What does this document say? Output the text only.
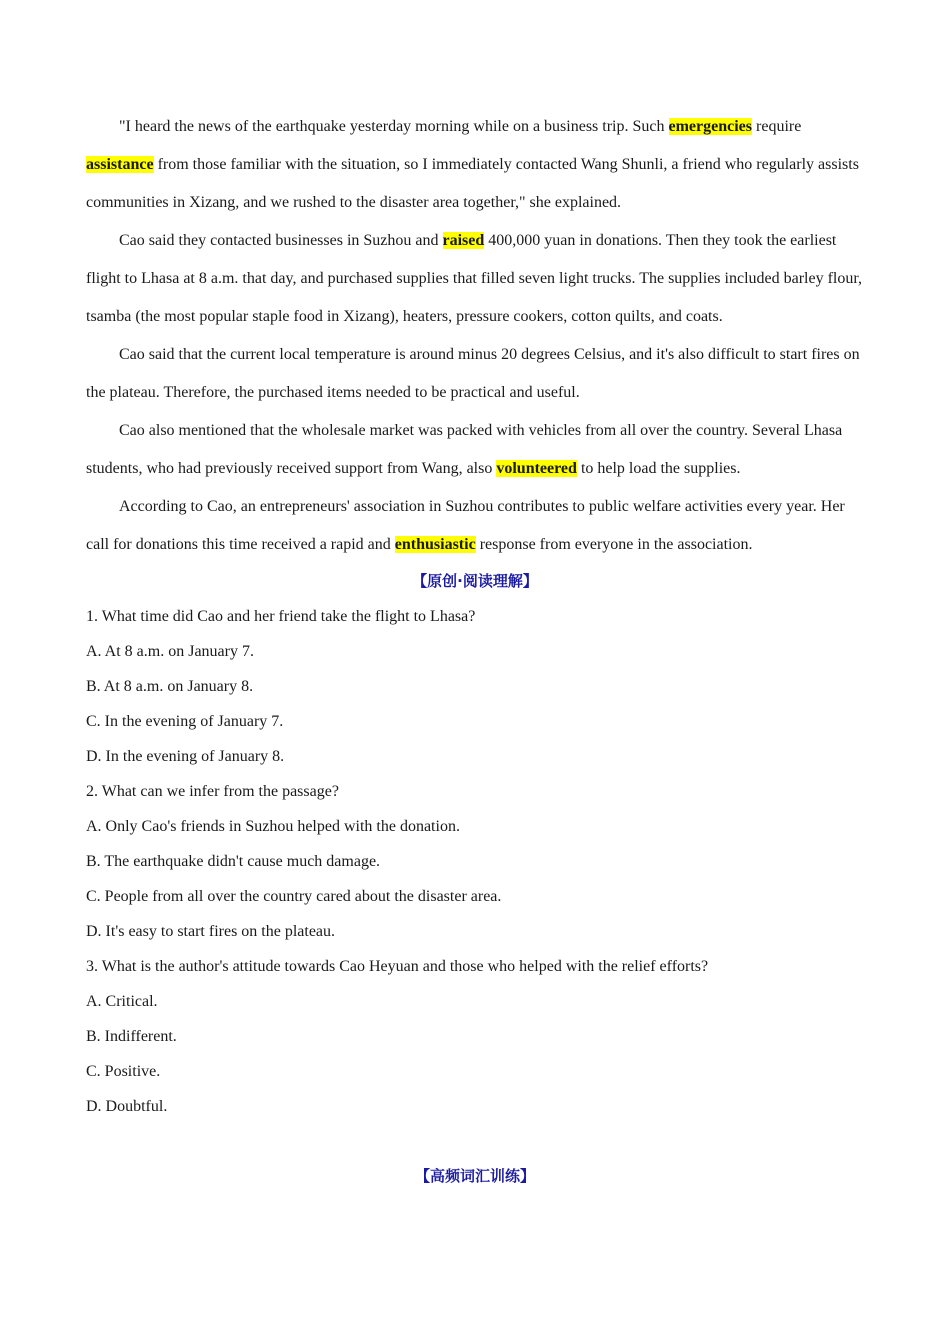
"I heard the news of the earthquake yesterday morning while on a business trip. Such emergencies require assistance from those familiar with the situation, so I immediately contacted Wang Shunli, a friend who regularly assists communities in Xizang, and we rushed to the disaster area together," she explained.

Cao said they contacted businesses in Suzhou and raised 400,000 yuan in donations. Then they took the earliest flight to Lhasa at 8 a.m. that day, and purchased supplies that filled seven light trucks. The supplies included barley flour, tsamba (the most popular staple food in Xizang), heaters, pressure cookers, cotton quilts, and coats.

Cao said that the current local temperature is around minus 20 degrees Celsius, and it's also difficult to start fires on the plateau. Therefore, the purchased items needed to be practical and useful.

Cao also mentioned that the wholesale market was packed with vehicles from all over the country. Several Lhasa students, who had previously received support from Wang, also volunteered to help load the supplies.

According to Cao, an entrepreneurs' association in Suzhou contributes to public welfare activities every year. Her call for donations this time received a rapid and enthusiastic response from everyone in the association.

【原创·阅读理解】

1. What time did Cao and her friend take the flight to Lhasa?

A. At 8 a.m. on January 7.

B. At 8 a.m. on January 8.

C. In the evening of January 7.

D. In the evening of January 8.

2. What can we infer from the passage?

A. Only Cao's friends in Suzhou helped with the donation.

B. The earthquake didn't cause much damage.

C. People from all over the country cared about the disaster area.

D. It's easy to start fires on the plateau.

3. What is the author's attitude towards Cao Heyuan and those who helped with the relief efforts?

A. Critical.

B. Indifferent.

C. Positive.

D. Doubtful.

【高频词汇训练】
